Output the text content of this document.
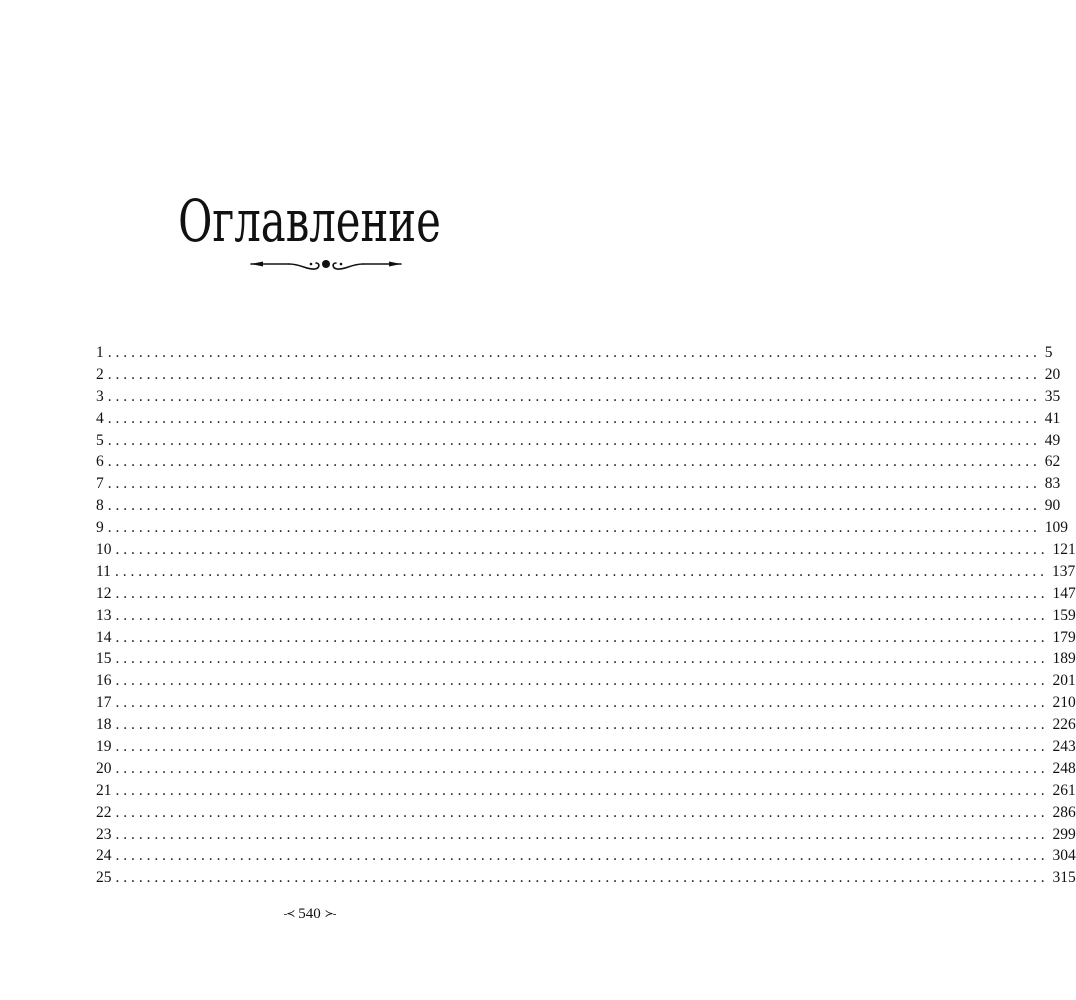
Оглавление
1 ........................................................................................................................ 5
2 ........................................................................................................................ 20
3 ........................................................................................................................ 35
4 ........................................................................................................................ 41
5 ........................................................................................................................ 49
6 ........................................................................................................................ 62
7 ........................................................................................................................ 83
8 ........................................................................................................................ 90
9 ........................................................................................................................ 109
10 ........................................................................................................................ 121
11 ........................................................................................................................ 137
12 ........................................................................................................................ 147
13 ........................................................................................................................ 159
14 ........................................................................................................................ 179
15 ........................................................................................................................ 189
16 ........................................................................................................................ 201
17 ........................................................................................................................ 210
18 ........................................................................................................................ 226
19 ........................................................................................................................ 243
20 ........................................................................................................................ 248
21 ........................................................................................................................ 261
22 ........................................................................................................................ 286
23 ........................................................................................................................ 299
24 ........................................................................................................................ 304
25 ........................................................................................................................ 315
-≺ 540 ≻-
